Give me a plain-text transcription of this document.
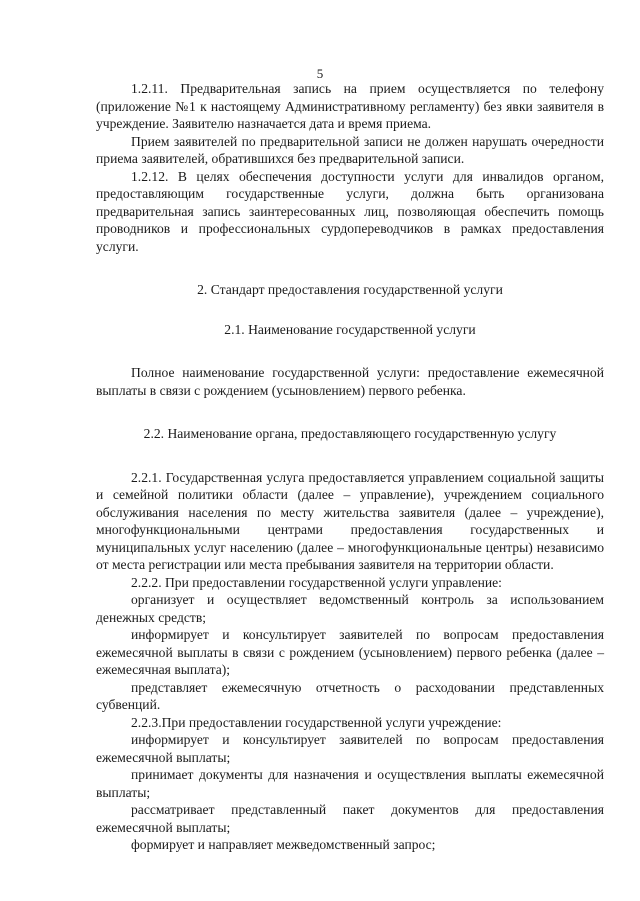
5

1.2.11. Предварительная запись на прием осуществляется по телефону (приложение №1 к настоящему Административному регламенту) без явки заявителя в учреждение. Заявителю назначается дата и время приема.

Прием заявителей по предварительной записи не должен нарушать очередности приема заявителей, обратившихся без предварительной записи.

1.2.12. В целях обеспечения доступности услуги для инвалидов органом, предоставляющим государственные услуги, должна быть организована предварительная запись заинтересованных лиц, позволяющая обеспечить помощь проводников и профессиональных сурдопереводчиков в рамках предоставления услуги.

2. Стандарт предоставления государственной услуги

2.1. Наименование государственной услуги

Полное наименование государственной услуги: предоставление ежемесячной выплаты в связи с рождением (усыновлением) первого ребенка.

2.2. Наименование органа, предоставляющего государственную услугу

2.2.1. Государственная услуга предоставляется управлением социальной защиты и семейной политики области (далее – управление), учреждением социального обслуживания населения по месту жительства заявителя (далее – учреждение), многофункциональными центрами предоставления государственных и муниципальных услуг населению (далее – многофункциональные центры) независимо от места регистрации или места пребывания заявителя на территории области.

2.2.2. При предоставлении государственной услуги управление:

организует и осуществляет ведомственный контроль за использованием денежных средств;

информирует и консультирует заявителей по вопросам предоставления ежемесячной выплаты в связи с рождением (усыновлением) первого ребенка (далее – ежемесячная выплата);

представляет ежемесячную отчетность о расходовании представленных субвенций.

2.2.3.При предоставлении государственной услуги учреждение:

информирует и консультирует заявителей по вопросам предоставления ежемесячной выплаты;

принимает документы для назначения и осуществления выплаты ежемесячной выплаты;

рассматривает представленный пакет документов для предоставления ежемесячной выплаты;

формирует и направляет межведомственный запрос;
